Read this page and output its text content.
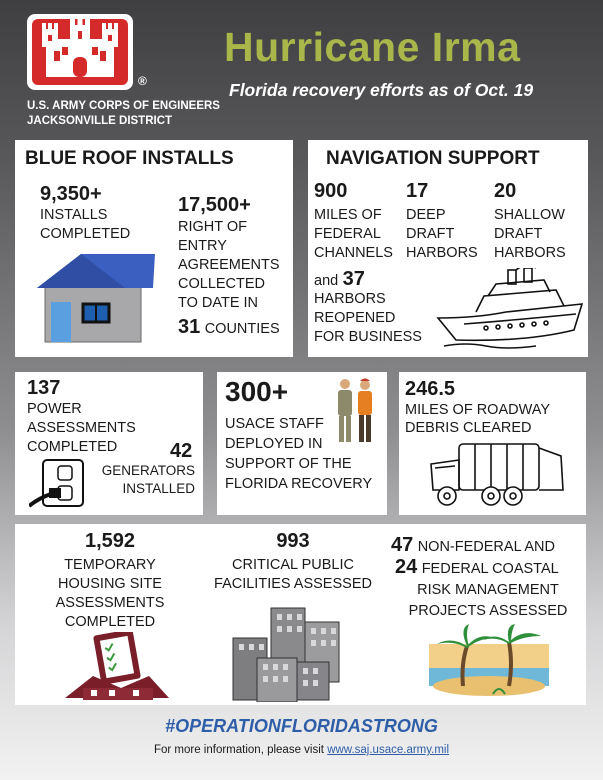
®
U.S. ARMY CORPS OF ENGINEERS
JACKSONVILLE DISTRICT
Hurricane Irma
Florida recovery efforts as of Oct. 19
BLUE ROOF INSTALLS
9,350+
INSTALLS
COMPLETED
17,500+
RIGHT OF
ENTRY
AGREEMENTS
COLLECTED
TO DATE IN
31 COUNTIES
NAVIGATION SUPPORT
900
MILES OF
FEDERAL
CHANNELS
17
DEEP
DRAFT
HARBORS
20
SHALLOW
DRAFT
HARBORS
and 37
HARBORS
REOPENED
FOR BUSINESS
137
POWER
ASSESSMENTS
COMPLETED	42
GENERATORS
INSTALLED
300+
USACE STAFF
DEPLOYED IN
SUPPORT OF THE
FLORIDA RECOVERY
246.5
MILES OF ROADWAY
DEBRIS CLEARED
1,592
TEMPORARY
HOUSING SITE
ASSESSMENTS
COMPLETED
993
CRITICAL PUBLIC
FACILITIES ASSESSED
47 NON-FEDERAL AND
24 FEDERAL COASTAL
RISK MANAGEMENT
PROJECTS ASSESSED
#OPERATIONFLORIDASTRONG
For more information, please visit www.saj.usace.army.mil
